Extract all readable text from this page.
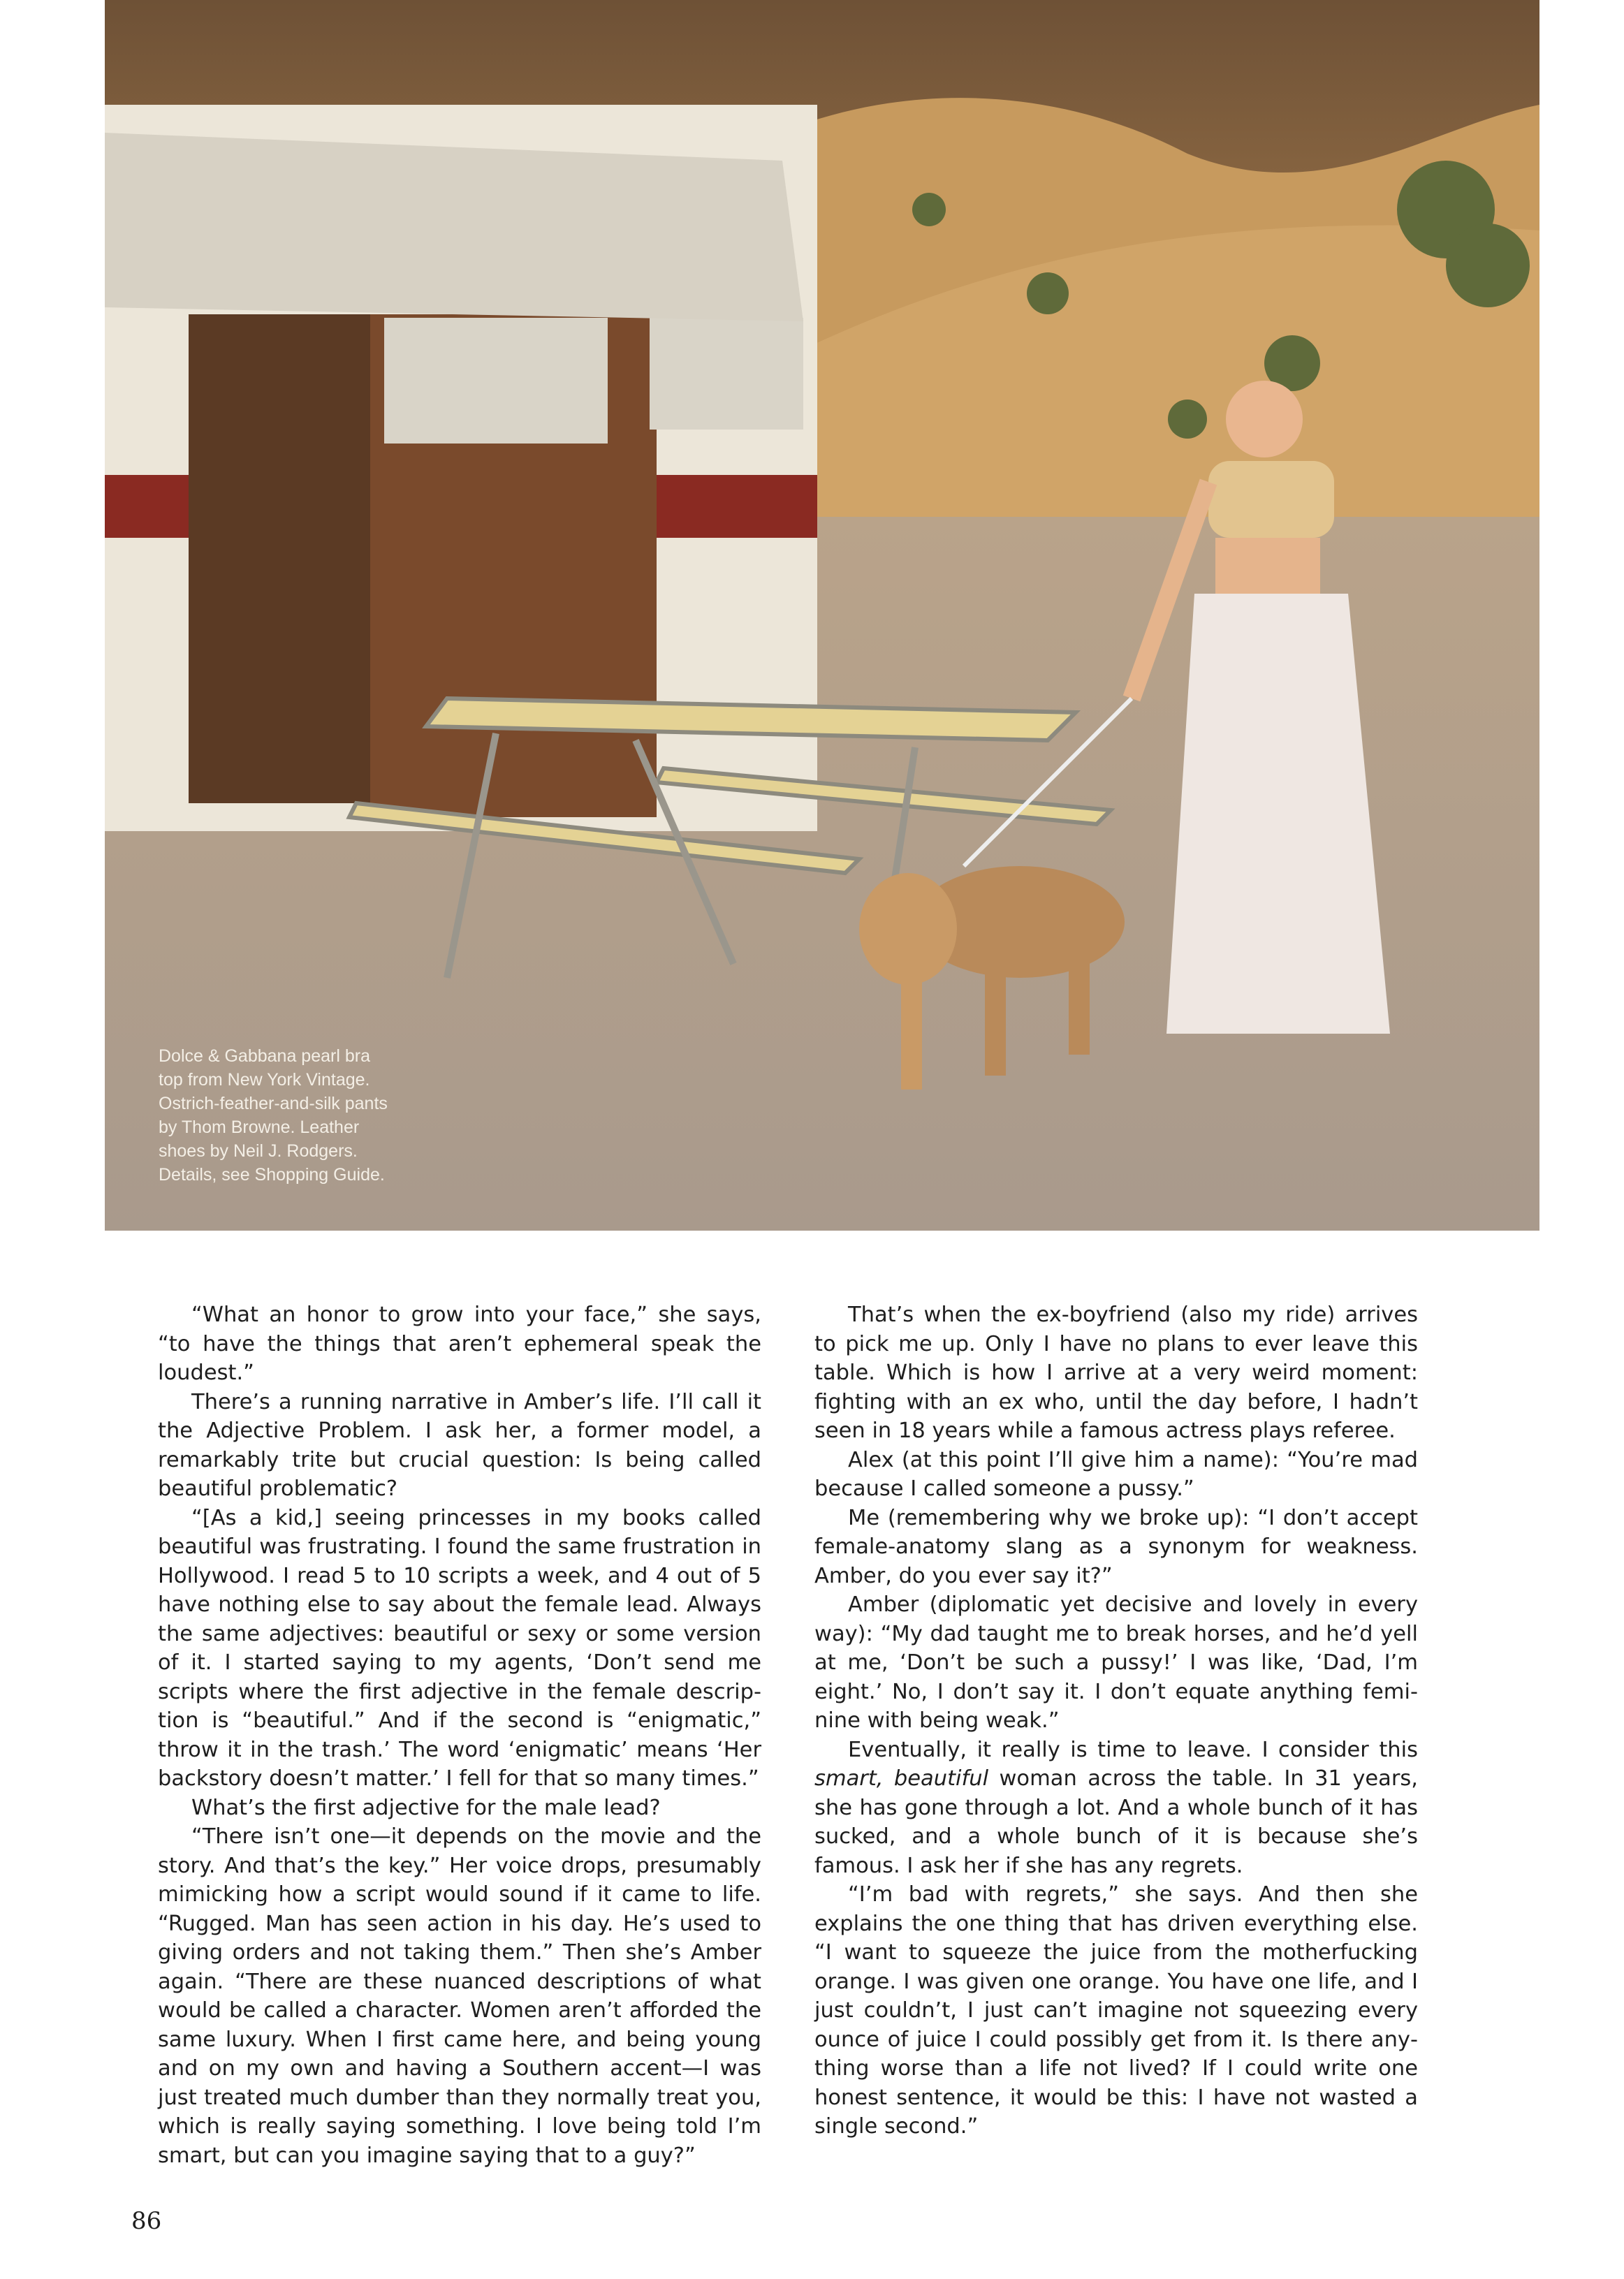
Dolce & Gabbana pearl bra
top from New York Vintage.
Ostrich-feather-and-silk pants
by Thom Browne. Leather
shoes by Neil J. Rodgers.
Details, see Shopping Guide.

“What an honor to grow into your face,” she says, “to have the things that aren’t ephemeral speak the loudest.”

There’s a running narrative in Amber’s life. I’ll call it the Adjective Problem. I ask her, a former model, a remarkably trite but crucial question: Is being called beautiful problematic?

“[As a kid,] seeing princesses in my books called beautiful was frustrating. I found the same frustration in Hollywood. I read 5 to 10 scripts a week, and 4 out of 5 have nothing else to say about the female lead. Always the same adjectives: beautiful or sexy or some version of it. I started saying to my agents, ‘Don’t send me scripts where the first adjective in the female description is “beautiful.” And if the second is “enigmatic,” throw it in the trash.’ The word ‘enigmatic’ means ‘Her backstory doesn’t matter.’ I fell for that so many times.”

What’s the first adjective for the male lead?

“There isn’t one—it depends on the movie and the story. And that’s the key.” Her voice drops, presumably mimicking how a script would sound if it came to life. “Rugged. Man has seen action in his day. He’s used to giving orders and not taking them.” Then she’s Amber again. “There are these nuanced descriptions of what would be called a character. Women aren’t afforded the same luxury. When I first came here, and being young and on my own and having a Southern accent—I was just treated much dumber than they normally treat you, which is really saying something. I love being told I’m smart, but can you imagine saying that to a guy?”

That’s when the ex-boyfriend (also my ride) arrives to pick me up. Only I have no plans to ever leave this table. Which is how I arrive at a very weird moment: fighting with an ex who, until the day before, I hadn’t seen in 18 years while a famous actress plays referee.

Alex (at this point I’ll give him a name): “You’re mad because I called someone a pussy.”

Me (remembering why we broke up): “I don’t accept female-anatomy slang as a synonym for weakness. Amber, do you ever say it?”

Amber (diplomatic yet decisive and lovely in every way): “My dad taught me to break horses, and he’d yell at me, ‘Don’t be such a pussy!’ I was like, ‘Dad, I’m eight.’ No, I don’t say it. I don’t equate anything feminine with being weak.”

Eventually, it really is time to leave. I consider this smart, beautiful woman across the table. In 31 years, she has gone through a lot. And a whole bunch of it has sucked, and a whole bunch of it is because she’s famous. I ask her if she has any regrets.

“I’m bad with regrets,” she says. And then she explains the one thing that has driven everything else. “I want to squeeze the juice from the motherfucking orange. I was given one orange. You have one life, and I just couldn’t, I just can’t imagine not squeezing every ounce of juice I could possibly get from it. Is there anything worse than a life not lived? If I could write one honest sentence, it would be this: I have not wasted a single second.”

86
